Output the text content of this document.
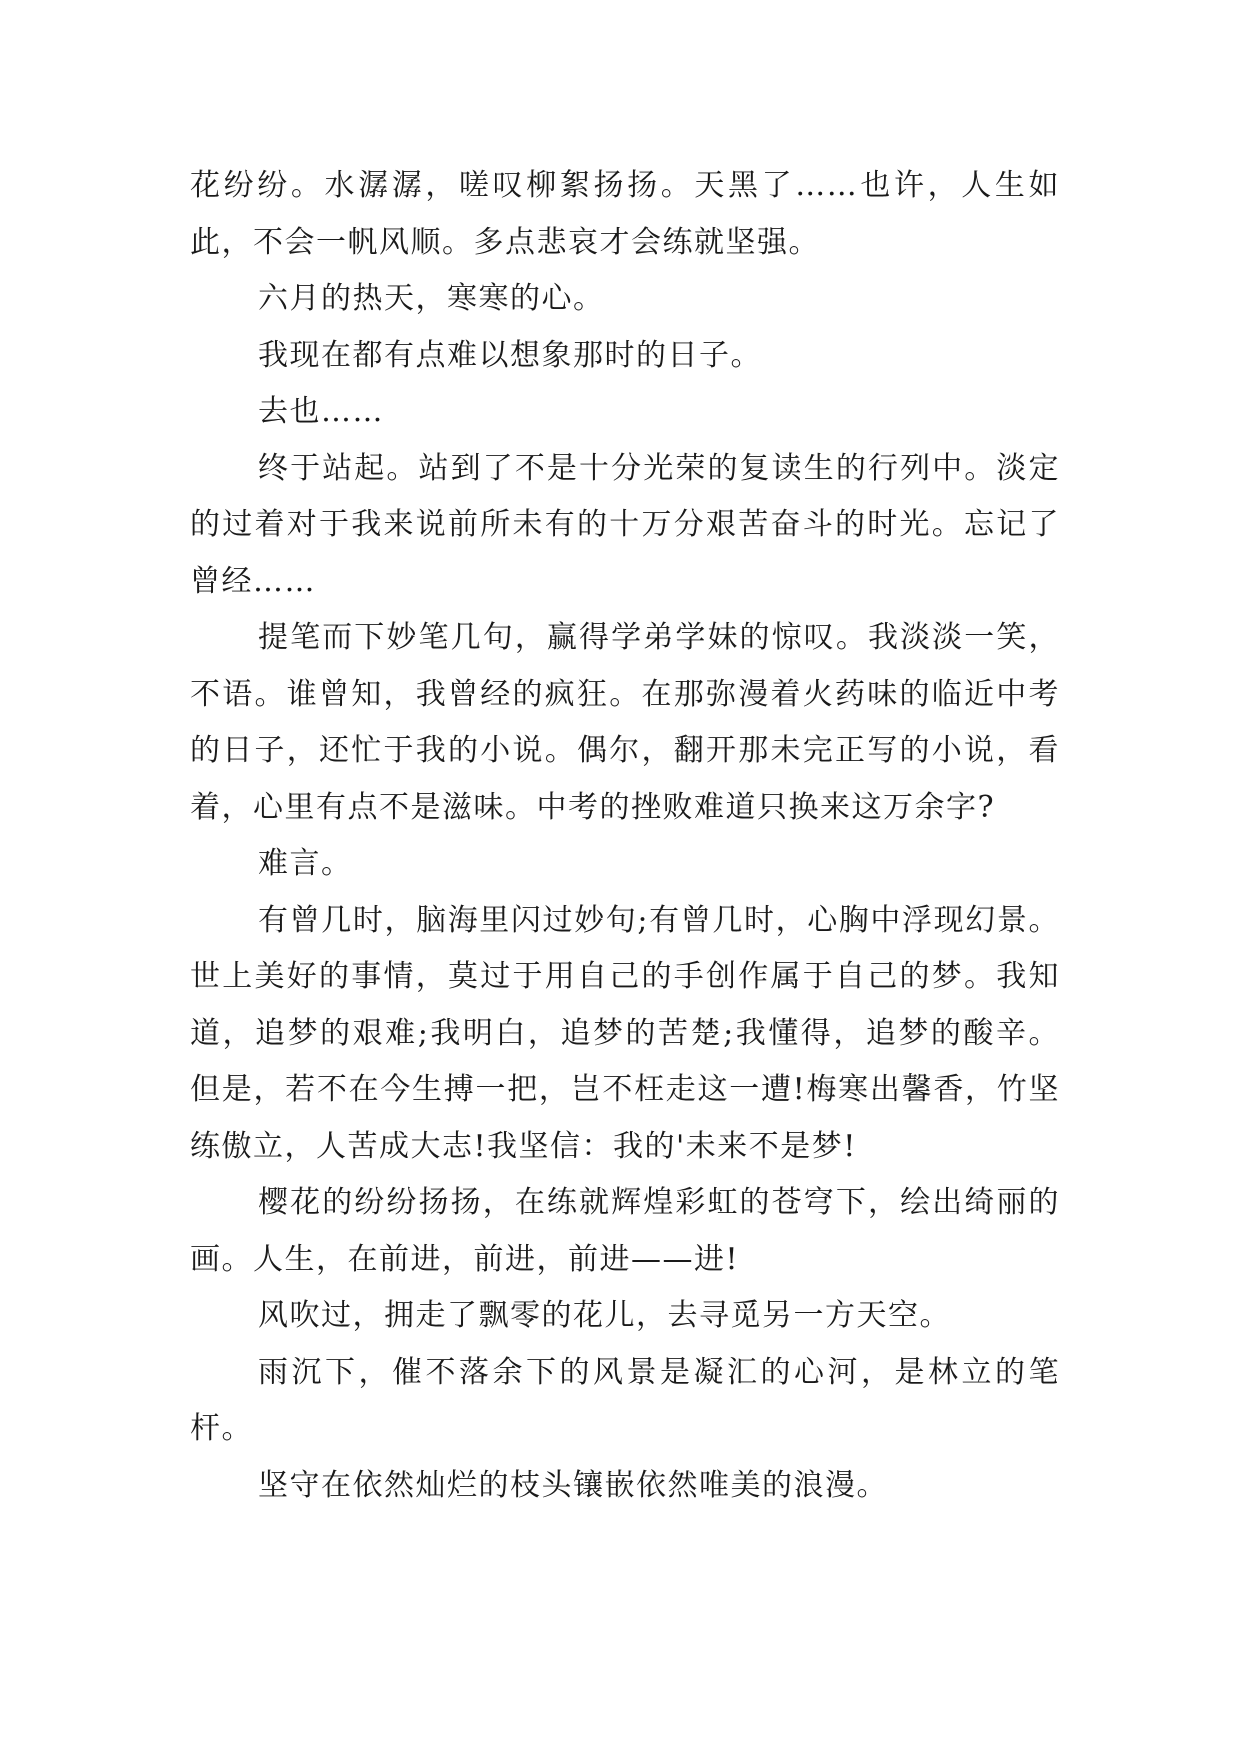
花纷纷。水潺潺，嗟叹柳絮扬扬。天黑了……也许，人生如此，不会一帆风顺。多点悲哀才会练就坚强。

六月的热天，寒寒的心。

我现在都有点难以想象那时的日子。

去也……

终于站起。站到了不是十分光荣的复读生的行列中。淡定的过着对于我来说前所未有的十万分艰苦奋斗的时光。忘记了曾经……

提笔而下妙笔几句，赢得学弟学妹的惊叹。我淡淡一笑，不语。谁曾知，我曾经的疯狂。在那弥漫着火药味的临近中考的日子，还忙于我的小说。偶尔，翻开那未完正写的小说，看着，心里有点不是滋味。中考的挫败难道只换来这万余字?

难言。

有曾几时，脑海里闪过妙句;有曾几时，心胸中浮现幻景。世上美好的事情，莫过于用自己的手创作属于自己的梦。我知道，追梦的艰难;我明白，追梦的苦楚;我懂得，追梦的酸辛。但是，若不在今生搏一把，岂不枉走这一遭!梅寒出馨香，竹坚练傲立，人苦成大志!我坚信：我的'未来不是梦!

樱花的纷纷扬扬，在练就辉煌彩虹的苍穹下，绘出绮丽的画。人生，在前进，前进，前进——进!

风吹过，拥走了飘零的花儿，去寻觅另一方天空。

雨沉下，催不落余下的风景是凝汇的心河，是林立的笔杆。

坚守在依然灿烂的枝头镶嵌依然唯美的浪漫。
